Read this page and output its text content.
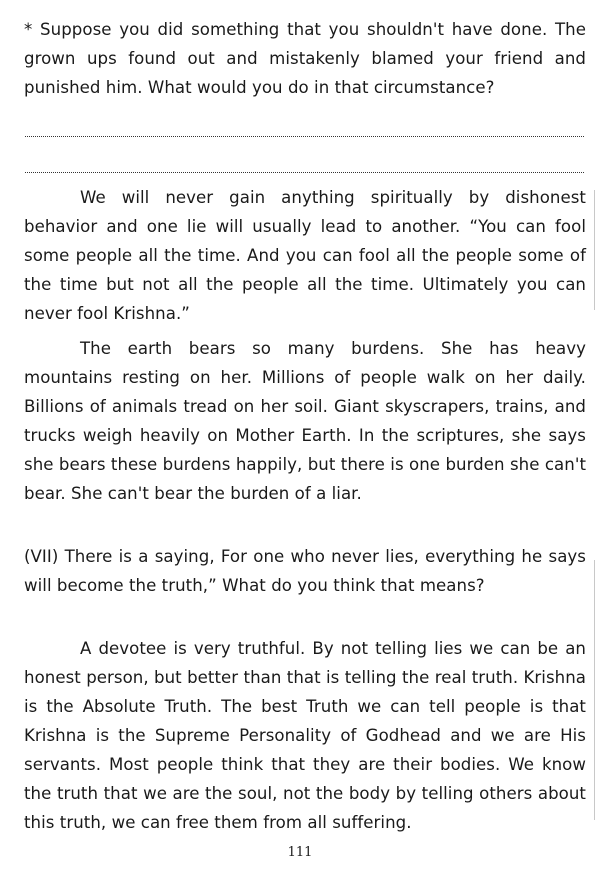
* Suppose you did something that you shouldn't have done. The grown ups found out and mistakenly blamed your friend and punished him. What would you do in that circumstance?

We will never gain anything spiritually by dishonest behavior and one lie will usually lead to another. “You can fool some people all the time. And you can fool all the people some of the time but not all the people all the time. Ultimately you can never fool Krishna.”

The earth bears so many burdens. She has heavy mountains resting on her. Millions of people walk on her daily. Billions of animals tread on her soil. Giant skyscrapers, trains, and trucks weigh heavily on Mother Earth. In the scriptures, she says she bears these burdens happily, but there is one burden she can't bear. She can't bear the burden of a liar.

(VII) There is a saying, For one who never lies, everything he says will become the truth,” What do you think that means?

A devotee is very truthful. By not telling lies we can be an honest person, but better than that is telling the real truth. Krishna is the Absolute Truth. The best Truth we can tell people is that Krishna is the Supreme Personality of Godhead and we are His servants. Most people think that they are their bodies. We know the truth that we are the soul, not the body by telling others about this truth, we can free them from all suffering.

111
